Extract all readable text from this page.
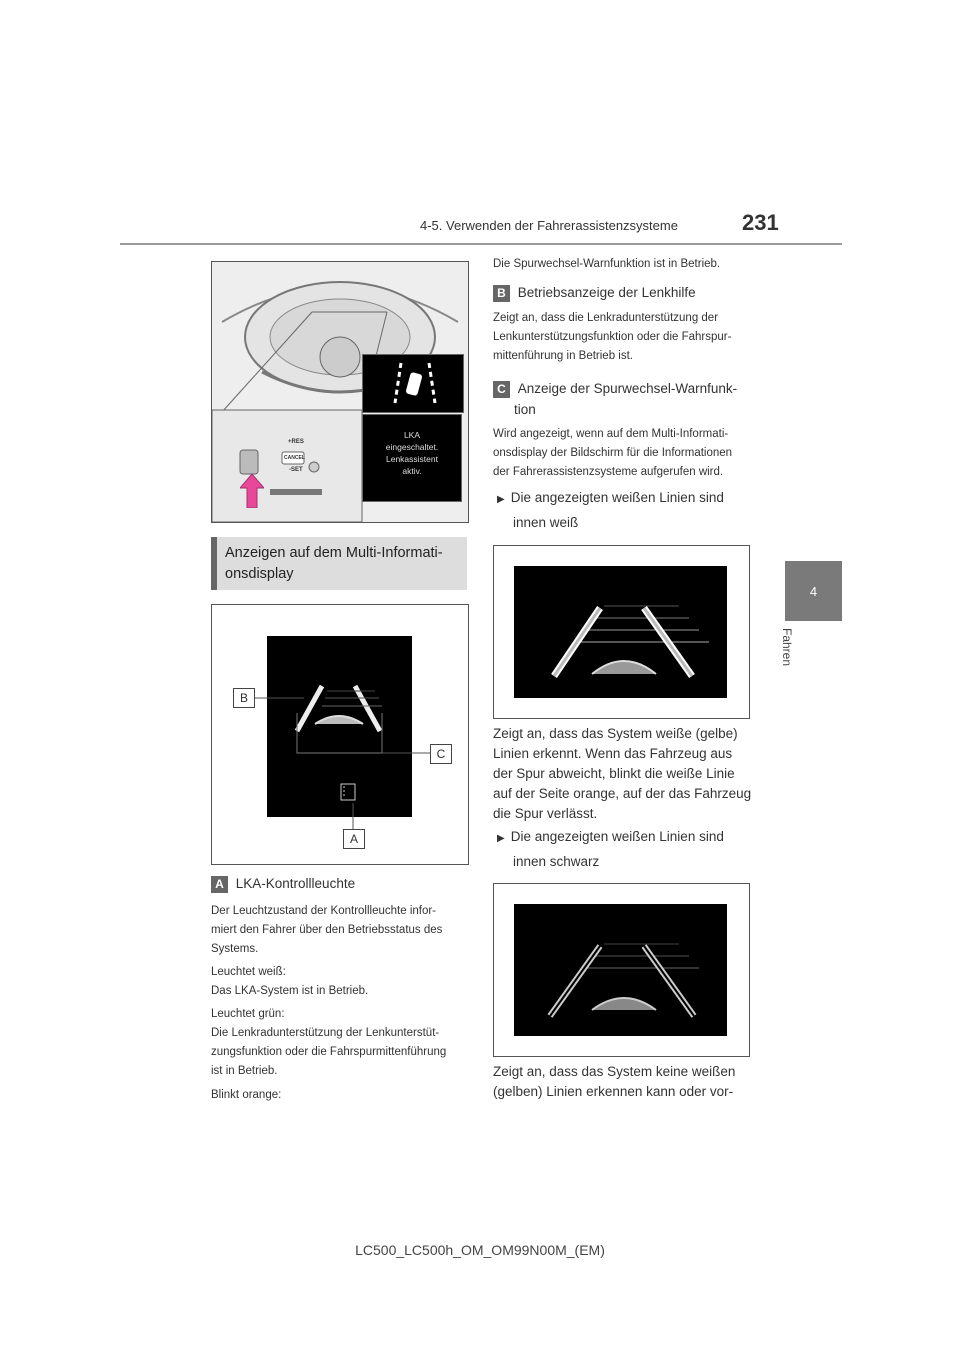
4-5. Verwenden der Fahrerassistenzsysteme	231
4
Fahren
+RES
CANCEL
-SET
LKA
eingeschaltet.
Lenkassistent
aktiv.
Anzeigen auf dem Multi-Informati-
onsdisplay
B
C
A
A LKA-Kontrollleuchte
Der Leuchtzustand der Kontrollleuchte infor-
miert den Fahrer über den Betriebsstatus des
Systems.
Leuchtet weiß:
Das LKA-System ist in Betrieb.
Leuchtet grün:
Die Lenkradunterstützung der Lenkunterstüt-
zungsfunktion oder die Fahrspurmittenführung
ist in Betrieb.
Blinkt orange:
Die Spurwechsel-Warnfunktion ist in Betrieb.
B Betriebsanzeige der Lenkhilfe
Zeigt an, dass die Lenkradunterstützung der
Lenkunterstützungsfunktion oder die Fahrspur-
mittenführung in Betrieb ist.
C Anzeige der Spurwechsel-Warnfunk-
tion
Wird angezeigt, wenn auf dem Multi-Informati-
onsdisplay der Bildschirm für die Informationen
der Fahrerassistenzsysteme aufgerufen wird.
▶ Die angezeigten weißen Linien sind
innen weiß
Zeigt an, dass das System weiße (gelbe)
Linien erkennt. Wenn das Fahrzeug aus
der Spur abweicht, blinkt die weiße Linie
auf der Seite orange, auf der das Fahrzeug
die Spur verlässt.
▶ Die angezeigten weißen Linien sind
innen schwarz
Zeigt an, dass das System keine weißen
(gelben) Linien erkennen kann oder vor-
LC500_LC500h_OM_OM99N00M_(EM)
